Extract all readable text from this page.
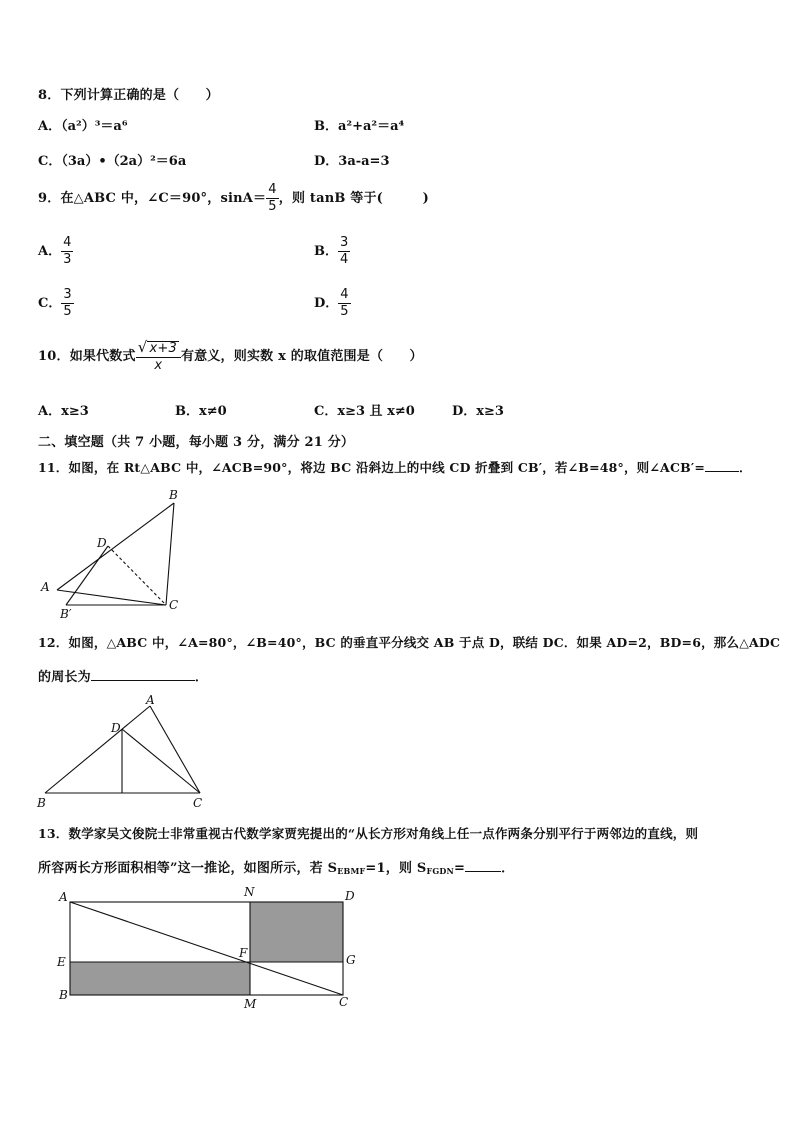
8．下列计算正确的是（　　）
A．（a²）³＝a⁶	B．a²+a²＝a⁴
C．（3a）•（2a）²＝6a	D．3a-a=3
9．在△ABC 中，∠C＝90°，$\sin A= \frac{4}{5}$ ，则 tanB 等于(　　　)
A． $\frac{4}{3}$	B． $\frac{3}{4}$
C． $\frac{3}{5}$	D． $\frac{4}{5}$
10．如果代数式 $\frac{√ x+3}{x}$ 有意义，则实数 x 的取值范围是（　　）
A．x≥3	B．x≠0	C．x≥3 且 x≠0	D．x≥3
二、填空题（共 7 小题，每小题 3 分，满分 21 分）
11．如图，在 Rt△ABC 中，∠ACB=90°，将边 BC 沿斜边上的中线 CD 折叠到 CB′，若∠B=48°，则∠ACB′=	．
B
D
A
B′
C
12．如图，△ABC 中，∠A=80°，∠B=40°，BC 的垂直平分线交 AB 于点 D，联结 DC．如果 AD=2，BD=6，那么△ADC
的周长为	．
A
D
B	C
13．数学家吴文俊院士非常重视古代数学家贾宪提出的“从长方形对角线上任一点作两条分别平行于两邻边的直线，则
所容两长方形面积相等”这一推论，如图所示，若 SEBMF=1，则 SFGDN=	．
A	N	D
E
F	G
B
M	C
